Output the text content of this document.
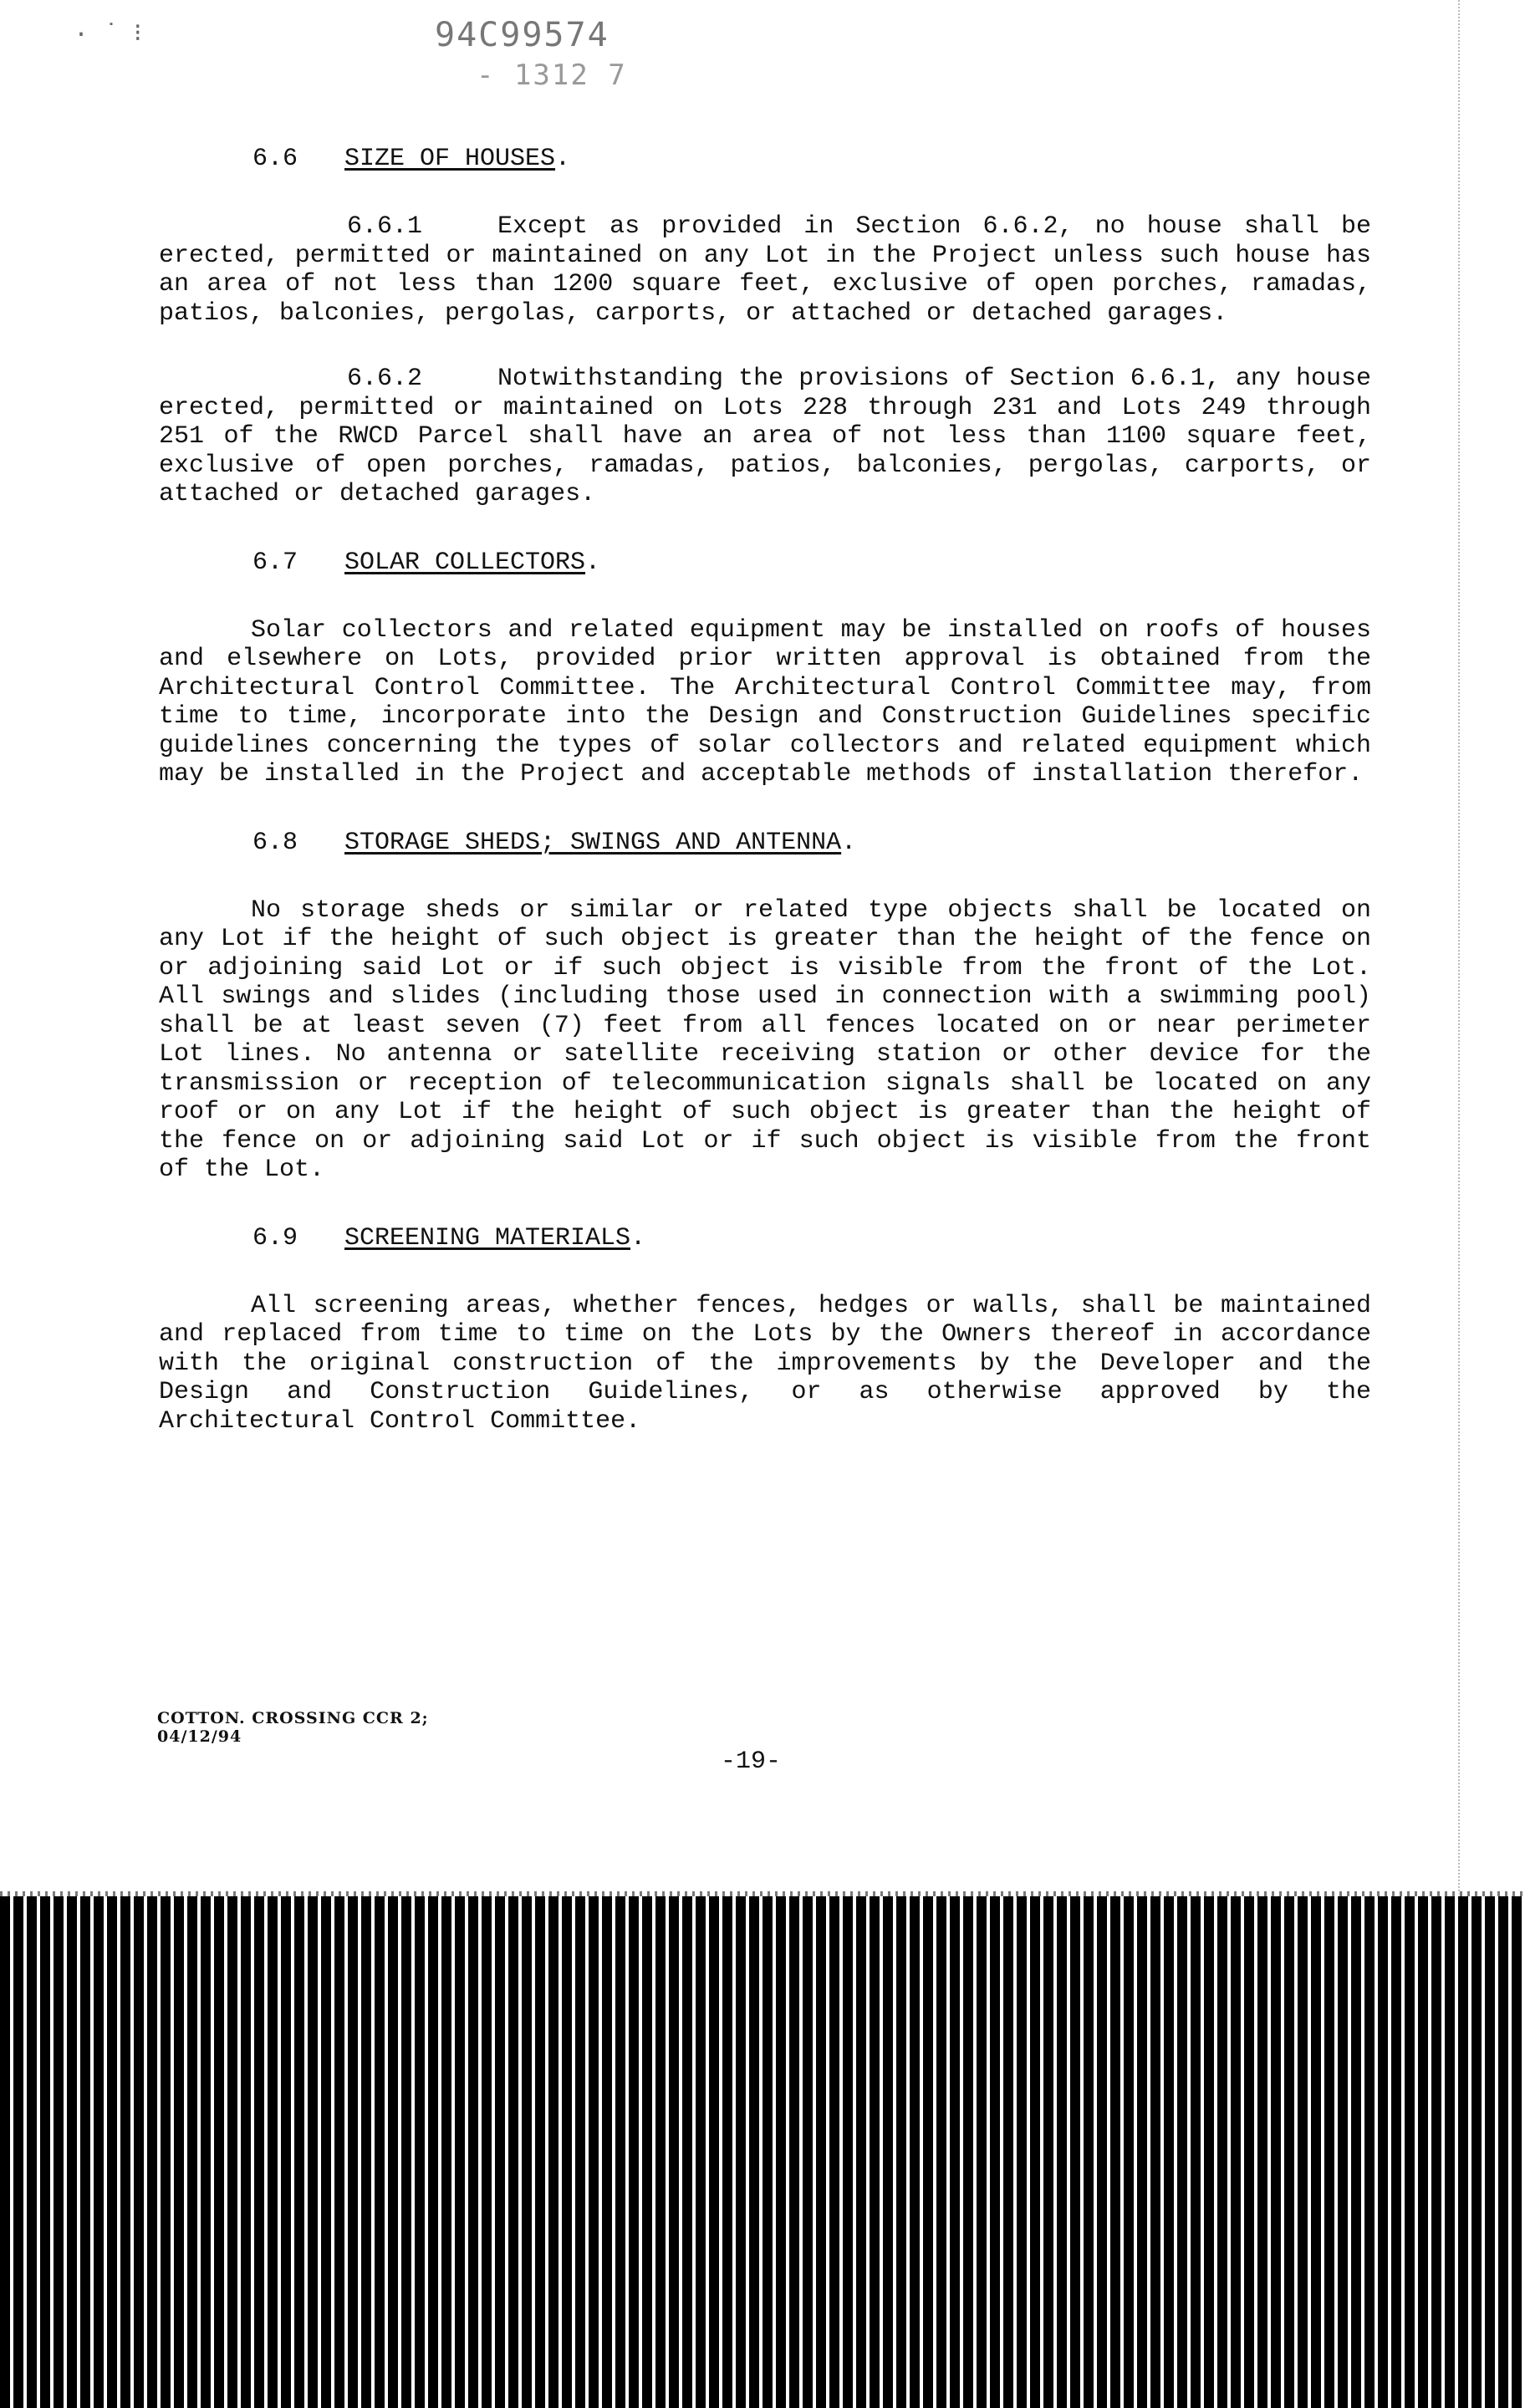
· ˙ ⁝	94C99574
- 1312 7
6.6 SIZE OF HOUSES.

6.6.1	Except as provided in Section 6.6.2, no house shall be erected, permitted or maintained on any Lot in the Project unless such house has an area of not less than 1200 square feet, exclusive of open porches, ramadas, patios, balconies, pergolas, carports, or attached or detached garages.

6.6.2	Notwithstanding the provisions of Section 6.6.1, any house erected, permitted or maintained on Lots 228 through 231 and Lots 249 through 251 of the RWCD Parcel shall have an area of not less than 1100 square feet, exclusive of open porches, ramadas, patios, balconies, pergolas, carports, or attached or detached garages.

6.7 SOLAR COLLECTORS.

Solar collectors and related equipment may be installed on roofs of houses and elsewhere on Lots, provided prior written approval is obtained from the Architectural Control Committee. The Architectural Control Committee may, from time to time, incorporate into the Design and Construction Guidelines specific guidelines concerning the types of solar collectors and related equipment which may be installed in the Project and acceptable methods of installation therefor.

6.8 STORAGE SHEDS; SWINGS AND ANTENNA.

No storage sheds or similar or related type objects shall be located on any Lot if the height of such object is greater than the height of the fence on or adjoining said Lot or if such object is visible from the front of the Lot. All swings and slides (including those used in connection with a swimming pool) shall be at least seven (7) feet from all fences located on or near perimeter Lot lines. No antenna or satellite receiving station or other device for the transmission or reception of telecommunication signals shall be located on any roof or on any Lot if the height of such object is greater than the height of the fence on or adjoining said Lot or if such object is visible from the front of the Lot.

6.9 SCREENING MATERIALS.

All screening areas, whether fences, hedges or walls, shall be maintained and replaced from time to time on the Lots by the Owners thereof in accordance with the original construction of the improvements by the Developer and the Design and Construction Guidelines, or as otherwise approved by the Architectural Control Committee.

COTTON. CROSSING CCR 2;
04/12/94
-19-
